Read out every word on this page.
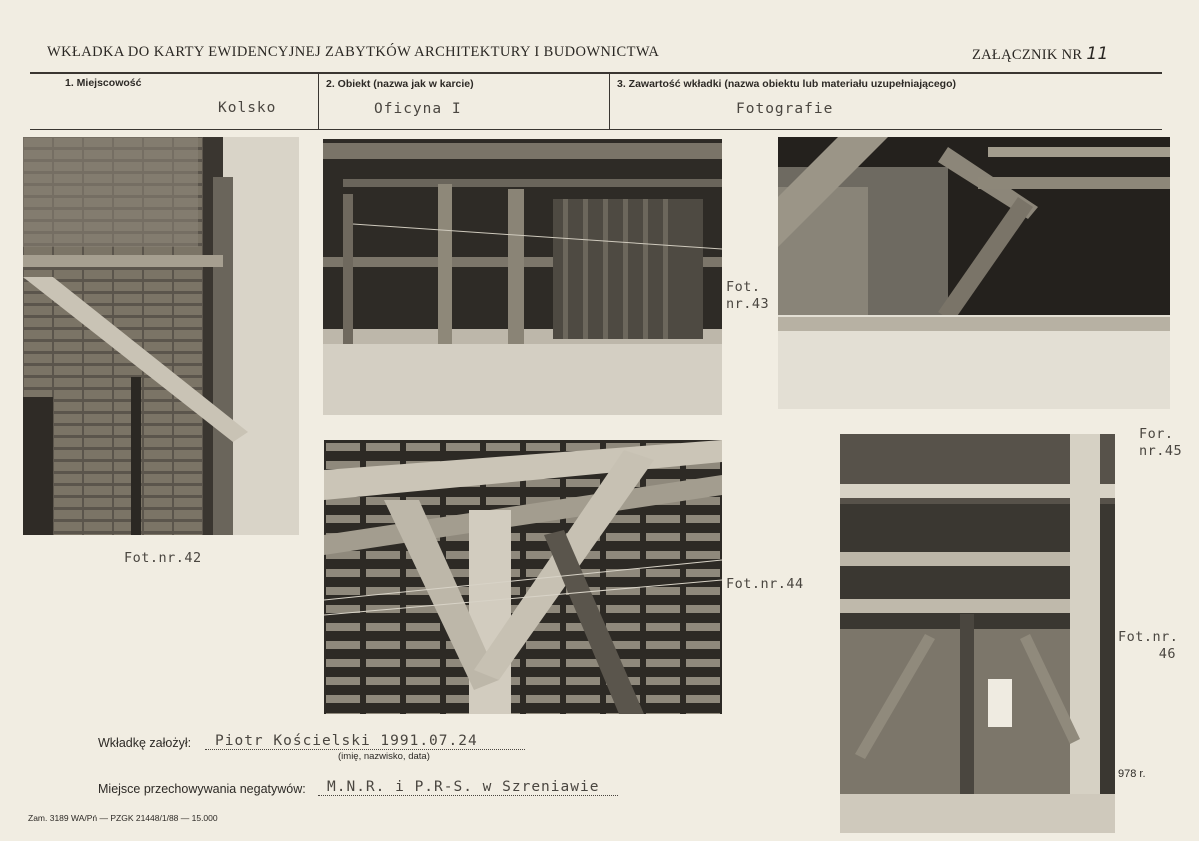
WKŁADKA DO KARTY EWIDENCYJNEJ ZABYTKÓW ARCHITEKTURY I BUDOWNICTWA	ZAŁĄCZNIK NR 11
1. Miejscowość
Kolsko
2. Obiekt (nazwa jak w karcie)
Oficyna I
3. Zawartość wkładki (nazwa obiektu lub materiału uzupełniającego)
Fotografie
Fot.nr.42
Fot.
nr.43
For.
nr.45
Fot.nr.44
Fot.nr.
46
Wkładkę założył: Piotr Kościelski 1991.07.24
(imię, nazwisko, data)
Miejsce przechowywania negatywów: M.N.R. i P.R-S. w Szreniawie
978 r.
Zam. 3189 WA/Pń — PZGK 21448/1/88 — 15.000
